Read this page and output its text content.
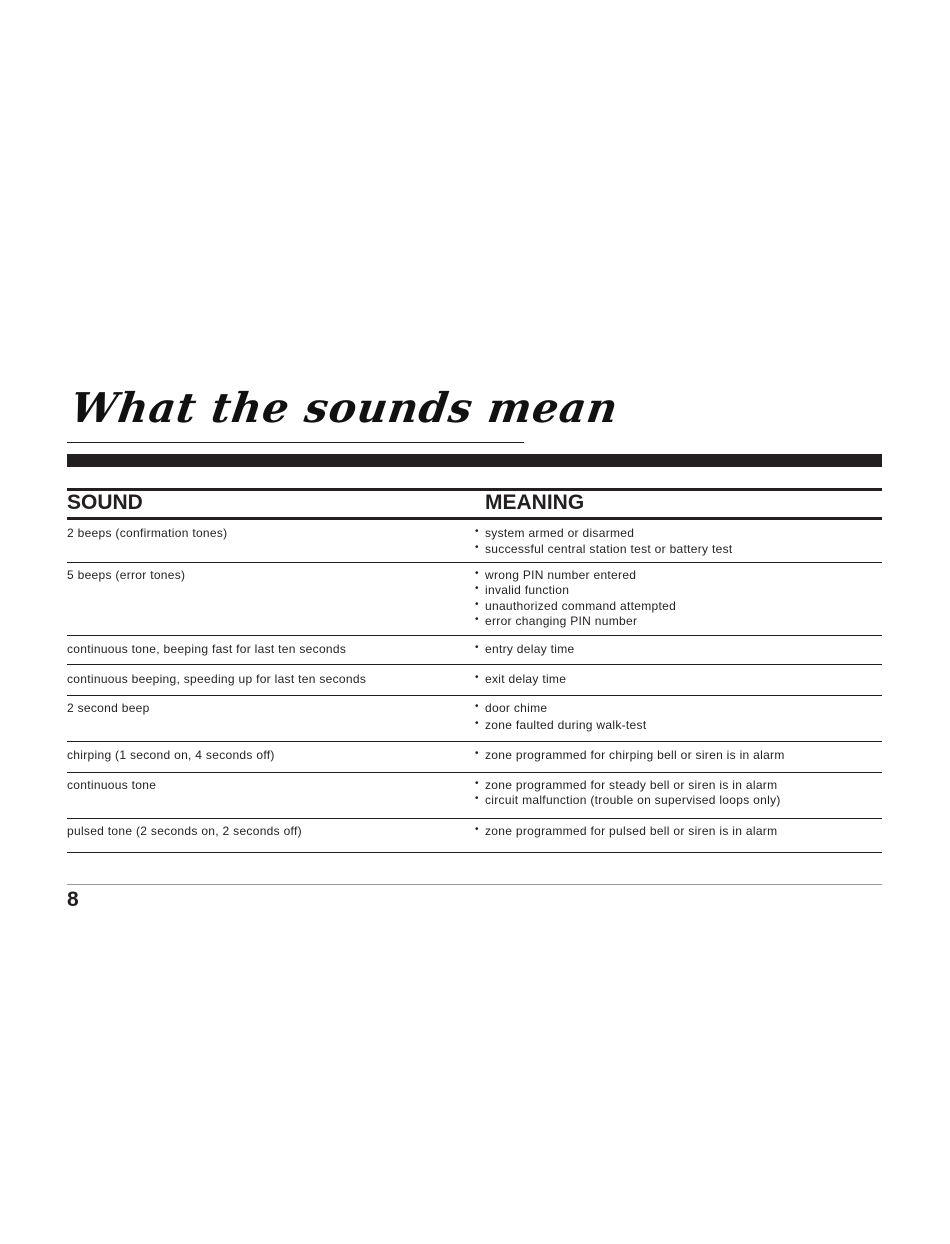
What the sounds mean
SOUND	MEANING
2 beeps (confirmation tones)	• system armed or disarmed
• successful central station test or battery test
5 beeps (error tones)	• wrong PIN number entered
• invalid function
• unauthorized command attempted
• error changing PIN number
continuous tone, beeping fast for last ten seconds	• entry delay time
continuous beeping, speeding up for last ten seconds	• exit delay time
2 second beep	• door chime
• zone faulted during walk-test
chirping (1 second on, 4 seconds off)	• zone programmed for chirping bell or siren is in alarm
continuous tone	• zone programmed for steady bell or siren is in alarm
• circuit malfunction (trouble on supervised loops only)
pulsed tone (2 seconds on, 2 seconds off)	• zone programmed for pulsed bell or siren is in alarm
8
